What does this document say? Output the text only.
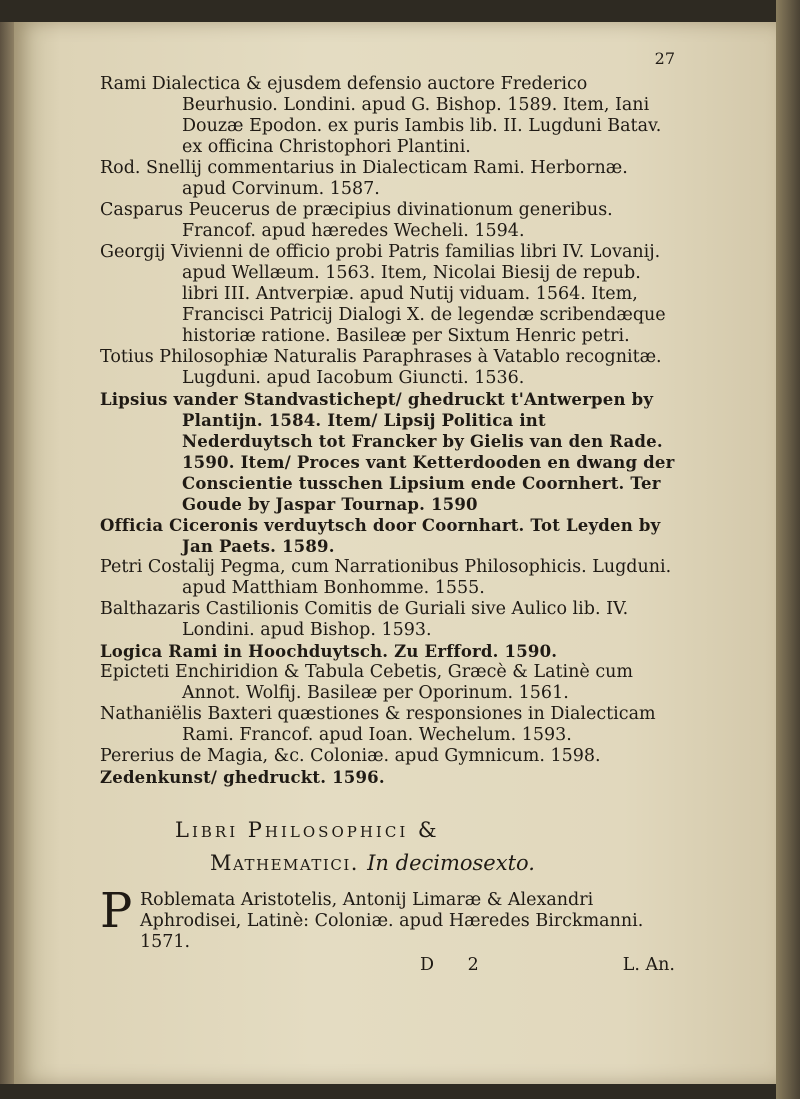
27

Rami Dialectica & ejusdem defensio auctore Frederico Beurhusio. Londini. apud G. Bishop. 1589. Item, Iani Douzæ Epodon. ex puris Iambis lib. II. Lugduni Batav. ex officina Christophori Plantini.

Rod. Snellij commentarius in Dialecticam Rami. Herbornæ. apud Corvinum. 1587.

Casparus Peucerus de præcipius divinationum generibus. Francof. apud hæredes Wecheli. 1594.

Georgij Vivienni de officio probi Patris familias libri IV. Lovanij. apud Wellæum. 1563. Item, Nicolai Biesij de repub. libri III. Antverpiæ. apud Nutij viduam. 1564. Item, Francisci Patricij Dialogi X. de legendæ scribendæque historiæ ratione. Basileæ per Sixtum Henric petri.

Totius Philosophiæ Naturalis Paraphrases à Vatablo recognitæ. Lugduni. apud Iacobum Giuncti. 1536.

Lipsius vander Standvastichept/ ghedruckt t'Antwerpen by Plantijn. 1584. Item/ Lipsij Politica int Nederduytsch tot Francker by Gielis van den Rade. 1590. Item/ Proces vant Ketterdooden en dwang der Conscientie tusschen Lipsium ende Coornhert. Ter Goude by Jaspar Tournap. 1590

Officia Ciceronis verduytsch door Coornhart. Tot Leyden by Jan Paets. 1589.

Petri Costalij Pegma, cum Narrationibus Philosophicis. Lugduni. apud Matthiam Bonhomme. 1555.

Balthazaris Castilionis Comitis de Guriali sive Aulico lib. IV. Londini. apud Bishop. 1593.

Logica Rami in Hoochduytsch. Zu Erfford. 1590.

Epicteti Enchiridion & Tabula Cebetis, Græcè & Latinè cum Annot. Wolfij. Basileæ per Oporinum. 1561.

Nathaniëlis Baxteri quæstiones & responsiones in Dialecticam Rami. Francof. apud Ioan. Wechelum. 1593.

Pererius de Magia, &c. Coloniæ. apud Gymnicum. 1598.

Zedenkunst/ ghedruckt. 1596.

Libri Philosophici &
Mathematici. In decimosexto.
P Roblemata Aristotelis, Antonij Limaræ & Alexandri Aphrodisei, Latinè: Coloniæ. apud Hæredes Birckmanni. 1571.
D 2	L. An.
